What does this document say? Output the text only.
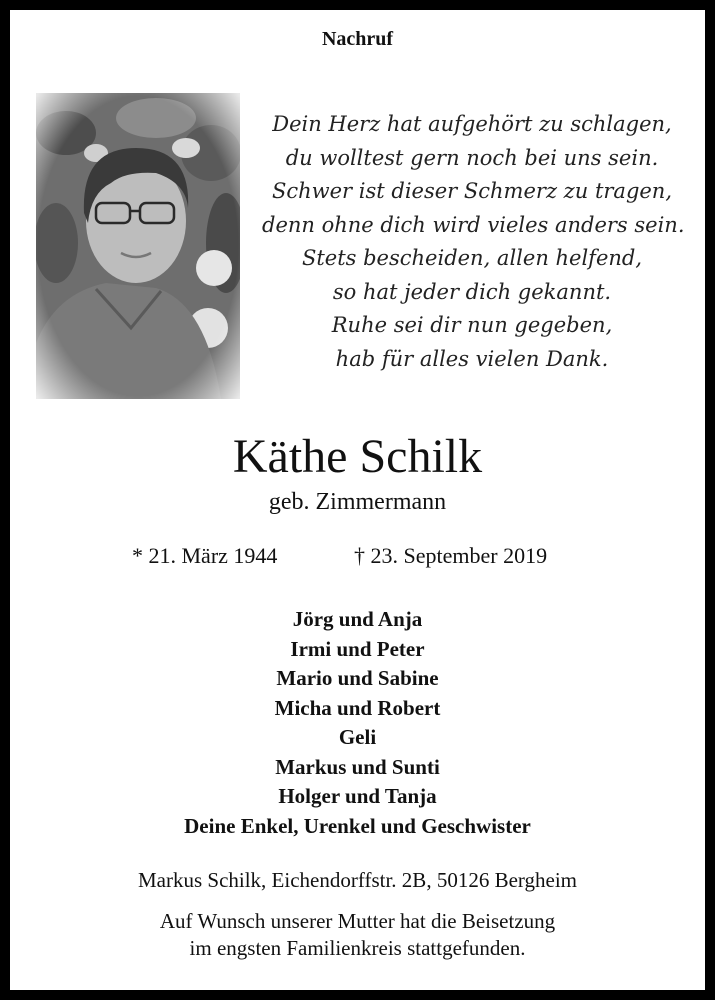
Nachruf
Dein Herz hat aufgehört zu schlagen,
du wolltest gern noch bei uns sein.
Schwer ist dieser Schmerz zu tragen,
denn ohne dich wird vieles anders sein.
Stets bescheiden, allen helfend,
so hat jeder dich gekannt.
Ruhe sei dir nun gegeben,
hab für alles vielen Dank.
Käthe Schilk
geb. Zimmermann
* 21. März 1944	† 23. September 2019
Jörg und Anja
Irmi und Peter
Mario und Sabine
Micha und Robert
Geli
Markus und Sunti
Holger und Tanja
Deine Enkel, Urenkel und Geschwister
Markus Schilk, Eichendorffstr. 2B, 50126 Bergheim
Auf Wunsch unserer Mutter hat die Beisetzung
im engsten Familienkreis stattgefunden.
